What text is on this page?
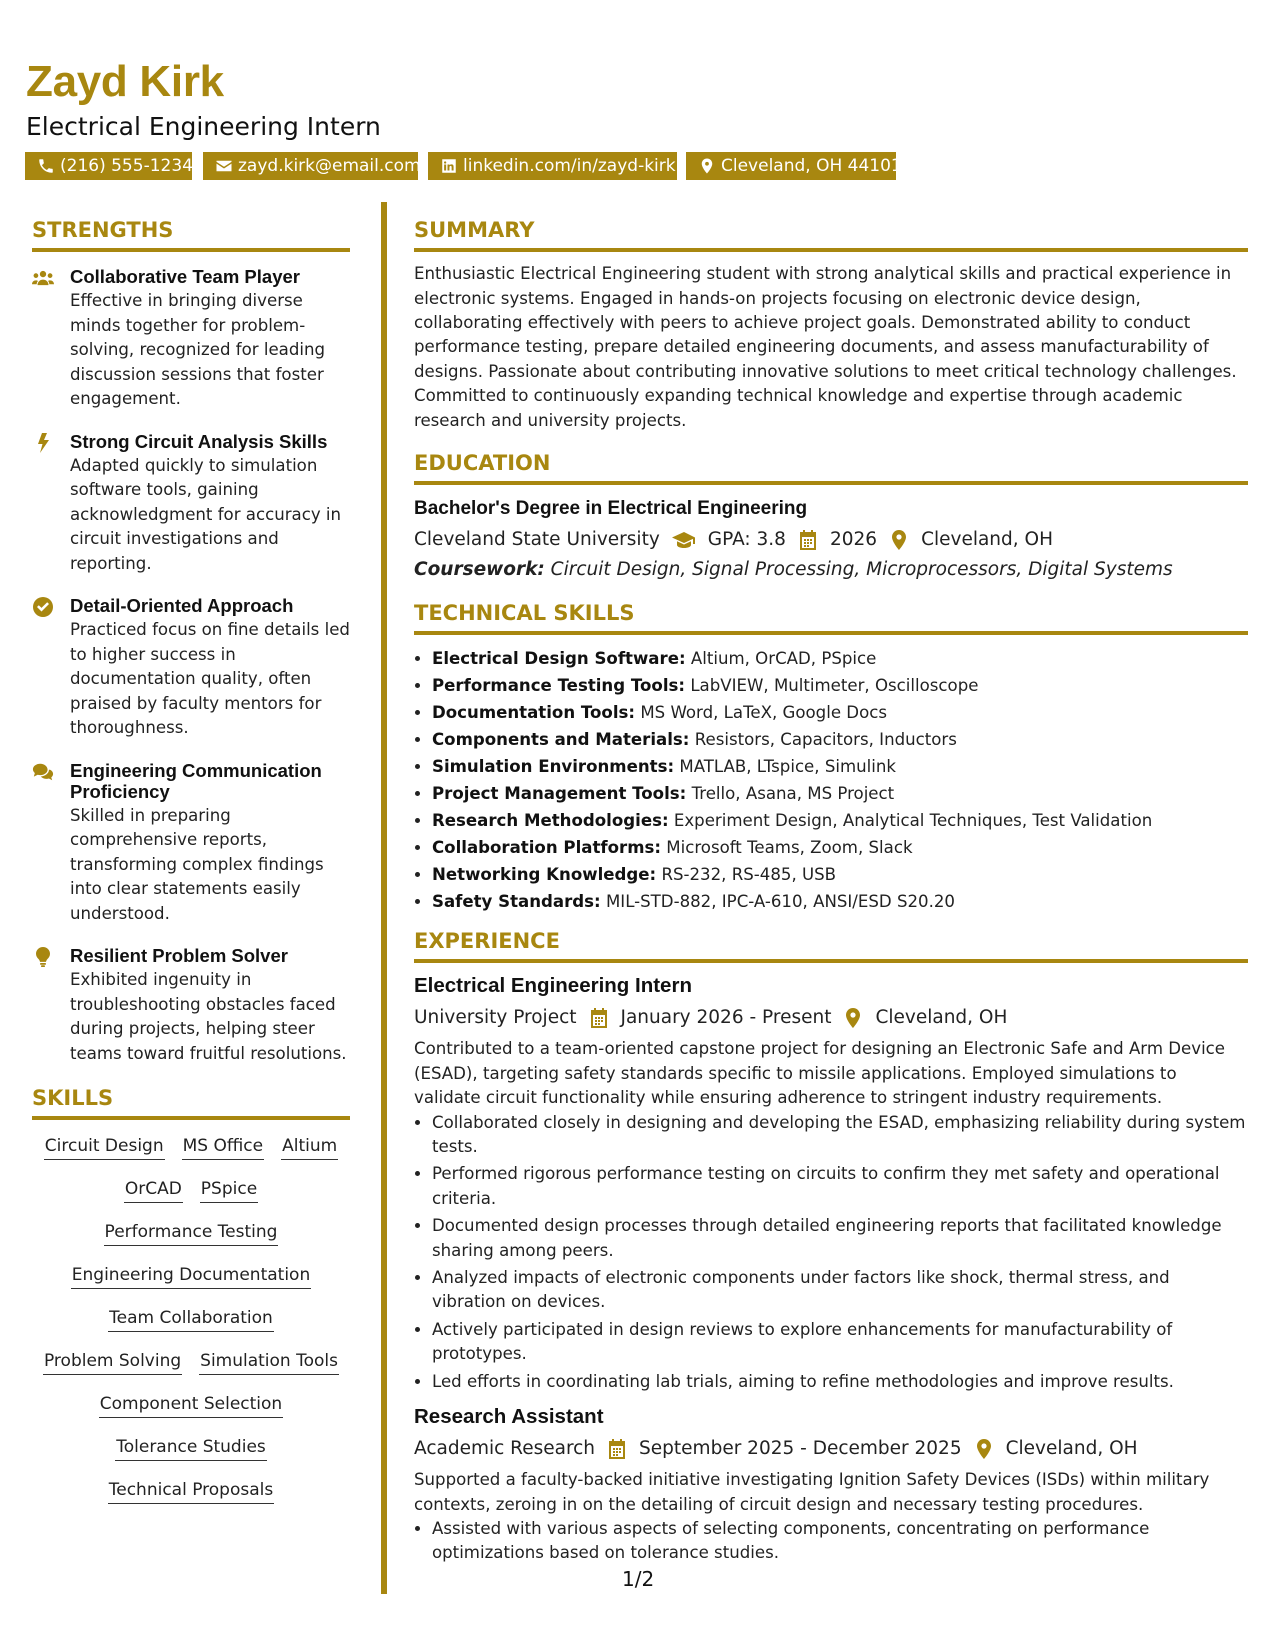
Zayd Kirk
Electrical Engineering Intern
(216) 555-1234	zayd.kirk@email.com linkedin.com/in/zayd-kirk	Cleveland, OH 44101
STRENGTHS
Collaborative Team Player
Effective in bringing diverse minds together for problem-solving, recognized for leading discussion sessions that foster engagement.
Strong Circuit Analysis Skills
Adapted quickly to simulation software tools, gaining acknowledgment for accuracy in circuit investigations and reporting.
Detail-Oriented Approach
Practiced focus on fine details led to higher success in documentation quality, often praised by faculty mentors for thoroughness.
Engineering Communication Proficiency
Skilled in preparing comprehensive reports, transforming complex findings into clear statements easily understood.
Resilient Problem Solver
Exhibited ingenuity in troubleshooting obstacles faced during projects, helping steer teams toward fruitful resolutions.
SKILLS
Circuit Design MS Office Altium
OrCAD PSpice
Performance Testing
Engineering Documentation
Team Collaboration
Problem Solving Simulation Tools
Component Selection
Tolerance Studies
Technical Proposals
SUMMARY

Enthusiastic Electrical Engineering student with strong analytical skills and practical experience in electronic systems. Engaged in hands-on projects focusing on electronic device design, collaborating effectively with peers to achieve project goals. Demonstrated ability to conduct performance testing, prepare detailed engineering documents, and assess manufacturability of designs. Passionate about contributing innovative solutions to meet critical technology challenges. Committed to continuously expanding technical knowledge and expertise through academic research and university projects.

EDUCATION
Bachelor's Degree in Electrical Engineering
Cleveland State University	GPA: 3.8 2026 Cleveland, OH
Coursework: Circuit Design, Signal Processing, Microprocessors, Digital Systems
TECHNICAL SKILLS
• Electrical Design Software: Altium, OrCAD, PSpice
• Performance Testing Tools: LabVIEW, Multimeter, Oscilloscope
• Documentation Tools: MS Word, LaTeX, Google Docs
• Components and Materials: Resistors, Capacitors, Inductors
• Simulation Environments: MATLAB, LTspice, Simulink
• Project Management Tools: Trello, Asana, MS Project
• Research Methodologies: Experiment Design, Analytical Techniques, Test Validation
• Collaboration Platforms: Microsoft Teams, Zoom, Slack
• Networking Knowledge: RS-232, RS-485, USB
• Safety Standards: MIL-STD-882, IPC-A-610, ANSI/ESD S20.20
EXPERIENCE
Electrical Engineering Intern
University Project January 2026 - Present Cleveland, OH
Contributed to a team-oriented capstone project for designing an Electronic Safe and Arm Device (ESAD), targeting safety standards specific to missile applications. Employed simulations to validate circuit functionality while ensuring adherence to stringent industry requirements.
• Collaborated closely in designing and developing the ESAD, emphasizing reliability during system tests.
• Performed rigorous performance testing on circuits to confirm they met safety and operational criteria.
• Documented design processes through detailed engineering reports that facilitated knowledge sharing among peers.
• Analyzed impacts of electronic components under factors like shock, thermal stress, and vibration on devices.
• Actively participated in design reviews to explore enhancements for manufacturability of prototypes.
• Led efforts in coordinating lab trials, aiming to refine methodologies and improve results.
Research Assistant
Academic Research September 2025 - December 2025 Cleveland, OH
Supported a faculty-backed initiative investigating Ignition Safety Devices (ISDs) within military contexts, zeroing in on the detailing of circuit design and necessary testing procedures.
• Assisted with various aspects of selecting components, concentrating on performance optimizations based on tolerance studies.
1/2
